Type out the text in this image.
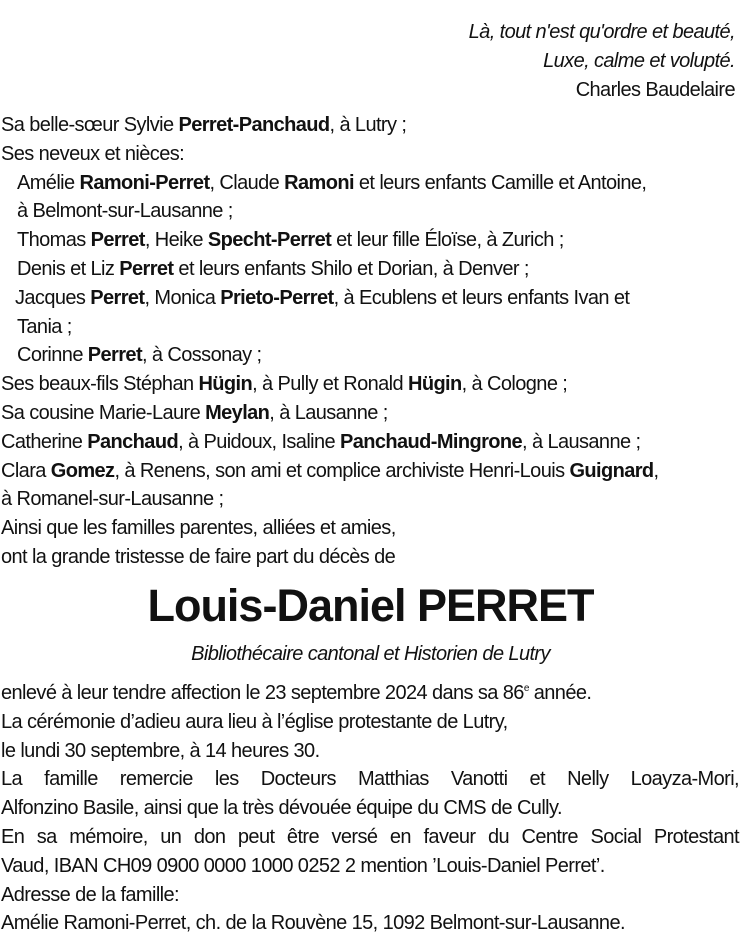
Là, tout n'est qu'ordre et beauté,
Luxe, calme et volupté.
Charles Baudelaire

Sa belle-sœur Sylvie Perret-Panchaud, à Lutry ;

Ses neveux et nièces:

Amélie Ramoni-Perret, Claude Ramoni et leurs enfants Camille et Antoine,

à Belmont-sur-Lausanne ;

Thomas Perret, Heike Specht-Perret et leur fille Éloïse, à Zurich ;

Denis et Liz Perret et leurs enfants Shilo et Dorian, à Denver ;

Jacques Perret, Monica Prieto-Perret, à Ecublens et leurs enfants Ivan et

Tania ;

Corinne Perret, à Cossonay ;

Ses beaux-fils Stéphan Hügin, à Pully et Ronald Hügin, à Cologne ;

Sa cousine Marie-Laure Meylan, à Lausanne ;

Catherine Panchaud, à Puidoux, Isaline Panchaud-Mingrone, à Lausanne ;

Clara Gomez, à Renens, son ami et complice archiviste Henri-Louis Guignard,

à Romanel-sur-Lausanne ;

Ainsi que les familles parentes, alliées et amies,

ont la grande tristesse de faire part du décès de

Louis-Daniel PERRET
Bibliothécaire cantonal et Historien de Lutry

enlevé à leur tendre affection le 23 septembre 2024 dans sa 86e année.

La cérémonie d’adieu aura lieu à l’église protestante de Lutry,

le lundi 30 septembre, à 14 heures 30.

La famille remercie les Docteurs Matthias Vanotti et Nelly Loayza-Mori,

Alfonzino Basile, ainsi que la très dévouée équipe du CMS de Cully.

En sa mémoire, un don peut être versé en faveur du Centre Social Protestant

Vaud, IBAN CH09 0900 0000 1000 0252 2 mention ’Louis-Daniel Perret’.

Adresse de la famille:

Amélie Ramoni-Perret, ch. de la Rouvène 15, 1092 Belmont-sur-Lausanne.
